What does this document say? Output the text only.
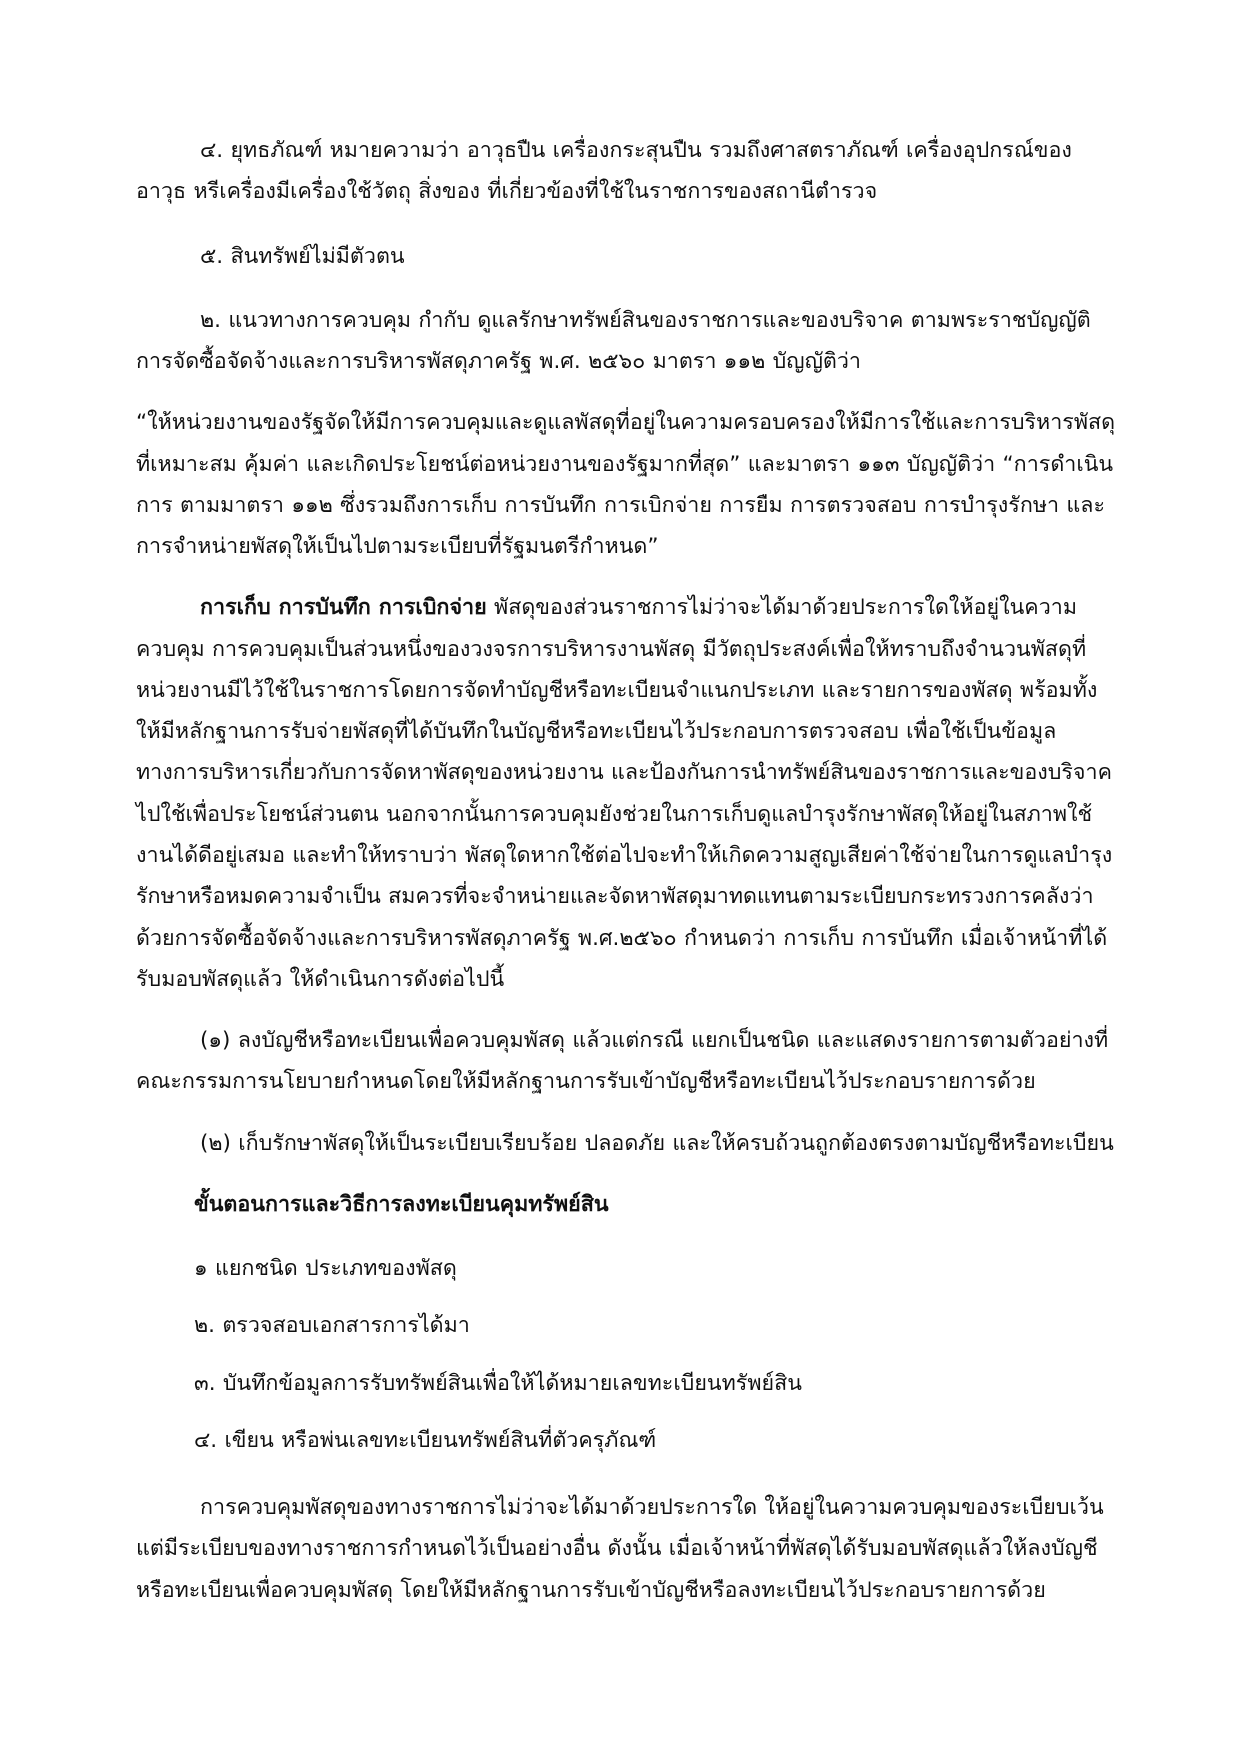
๔. ยุทธภัณฑ์ หมายความว่า อาวุธปืน เครื่องกระสุนปืน รวมถึงศาสตราภัณฑ์ เครื่องอุปกรณ์ของอาวุธ หรีเครื่องมีเครื่องใช้วัตถุ สิ่งของ ที่เกี่ยวข้องที่ใช้ในราชการของสถานีตำรวจ

๕. สินทรัพย์ไม่มีตัวตน

๒. แนวทางการควบคุม กำกับ ดูแลรักษาทรัพย์สินของราชการและของบริจาค ตามพระราชบัญญัติการจัดซื้อจัดจ้างและการบริหารพัสดุภาครัฐ พ.ศ. ๒๕๖๐ มาตรา ๑๑๒ บัญญัติว่า

“ให้หน่วยงานของรัฐจัดให้มีการควบคุมและดูแลพัสดุที่อยู่ในความครอบครองให้มีการใช้และการบริหารพัสดุที่เหมาะสม คุ้มค่า และเกิดประโยชน์ต่อหน่วยงานของรัฐมากที่สุด” และมาตรา ๑๑๓ บัญญัติว่า “การดำเนินการ ตามมาตรา ๑๑๒ ซึ่งรวมถึงการเก็บ การบันทึก การเบิกจ่าย การยืม การตรวจสอบ การบำรุงรักษา และการจำหน่ายพัสดุให้เป็นไปตามระเบียบที่รัฐมนตรีกำหนด”

การเก็บ การบันทึก การเบิกจ่าย พัสดุของส่วนราชการไม่ว่าจะได้มาด้วยประการใดให้อยู่ในความควบคุม การควบคุมเป็นส่วนหนึ่งของวงจรการบริหารงานพัสดุ มีวัตถุประสงค์เพื่อให้ทราบถึงจำนวนพัสดุที่หน่วยงานมีไว้ใช้ในราชการโดยการจัดทำบัญชีหรือทะเบียนจำแนกประเภท และรายการของพัสดุ พร้อมทั้งให้มีหลักฐานการรับจ่ายพัสดุที่ได้บันทึกในบัญชีหรือทะเบียนไว้ประกอบการตรวจสอบ เพื่อใช้เป็นข้อมูลทางการบริหารเกี่ยวกับการจัดหาพัสดุของหน่วยงาน และป้องกันการนำทรัพย์สินของราชการและของบริจาคไปใช้เพื่อประโยชน์ส่วนตน นอกจากนั้นการควบคุมยังช่วยในการเก็บดูแลบำรุงรักษาพัสดุให้อยู่ในสภาพใช้งานได้ดีอยู่เสมอ และทำให้ทราบว่า พัสดุใดหากใช้ต่อไปจะทำให้เกิดความสูญเสียค่าใช้จ่ายในการดูแลบำรุงรักษาหรือหมดความจำเป็น สมควรที่จะจำหน่ายและจัดหาพัสดุมาทดแทนตามระเบียบกระทรวงการคลังว่าด้วยการจัดซื้อจัดจ้างและการบริหารพัสดุภาครัฐ พ.ศ.๒๕๖๐ กำหนดว่า การเก็บ การบันทึก เมื่อเจ้าหน้าที่ได้รับมอบพัสดุแล้ว ให้ดำเนินการดังต่อไปนี้

(๑) ลงบัญชีหรือทะเบียนเพื่อควบคุมพัสดุ แล้วแต่กรณี แยกเป็นชนิด และแสดงรายการตามตัวอย่างที่คณะกรรมการนโยบายกำหนดโดยให้มีหลักฐานการรับเข้าบัญชีหรือทะเบียนไว้ประกอบรายการด้วย

(๒) เก็บรักษาพัสดุให้เป็นระเบียบเรียบร้อย ปลอดภัย และให้ครบถ้วนถูกต้องตรงตามบัญชีหรือทะเบียน

ขั้นตอนการและวิธีการลงทะเบียนคุมทรัพย์สิน

๑ แยกชนิด ประเภทของพัสดุ

๒. ตรวจสอบเอกสารการได้มา

๓. บันทึกข้อมูลการรับทรัพย์สินเพื่อให้ได้หมายเลขทะเบียนทรัพย์สิน

๔. เขียน หรือพ่นเลขทะเบียนทรัพย์สินที่ตัวครุภัณฑ์

การควบคุมพัสดุของทางราชการไม่ว่าจะได้มาด้วยประการใด ให้อยู่ในความควบคุมของระเบียบเว้นแต่มีระเบียบของทางราชการกำหนดไว้เป็นอย่างอื่น ดังนั้น เมื่อเจ้าหน้าที่พัสดุได้รับมอบพัสดุแล้วให้ลงบัญชีหรือทะเบียนเพื่อควบคุมพัสดุ โดยให้มีหลักฐานการรับเข้าบัญชีหรือลงทะเบียนไว้ประกอบรายการด้วย
